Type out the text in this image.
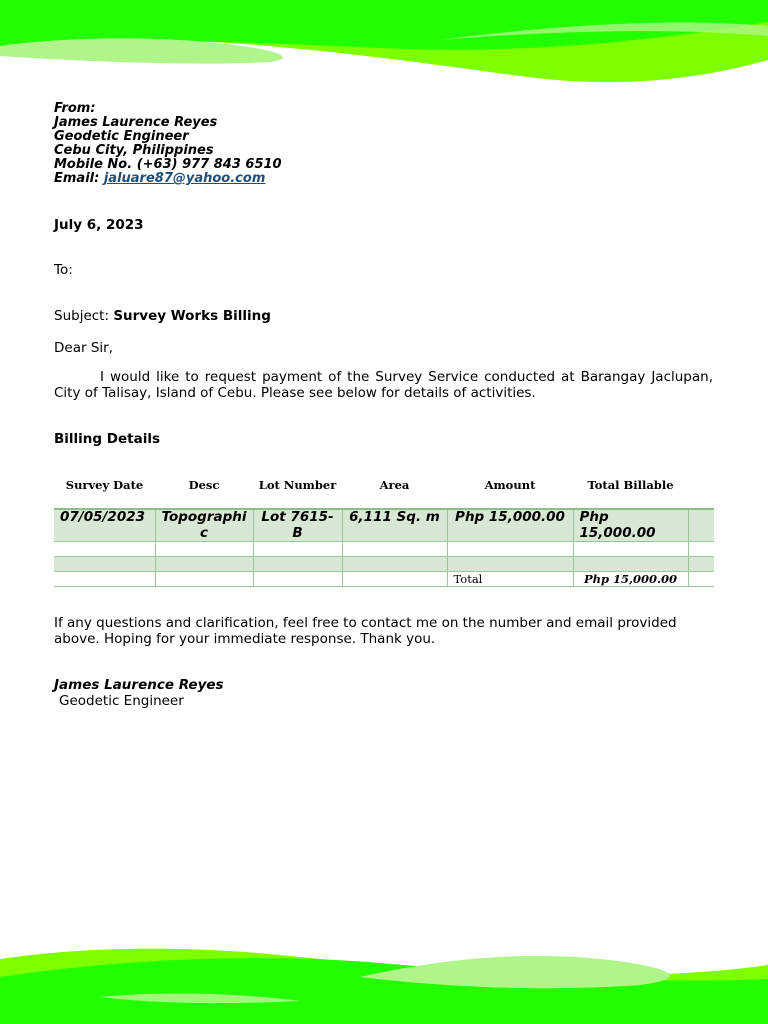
From:
James Laurence Reyes
Geodetic Engineer
Cebu City, Philippines
Mobile No. (+63) 977 843 6510
Email: jaluare87@yahoo.com
July 6, 2023
To:
Subject: Survey Works Billing
Dear Sir,
I would like to request payment of the Survey Service conducted at Barangay Jaclupan, City of Talisay, Island of Cebu. Please see below for details of activities.
Billing Details
Survey Date	Desc	Lot Number	Area	Amount	Total Billable	
07/05/2023	Topographic	Lot 7615-B	6,111 Sq. m	Php 15,000.00	Php 15,000.00	

				Total	Php 15,000.00	
If any questions and clarification, feel free to contact me on the number and email provided above. Hoping for your immediate response. Thank you.
James Laurence Reyes
Geodetic Engineer
